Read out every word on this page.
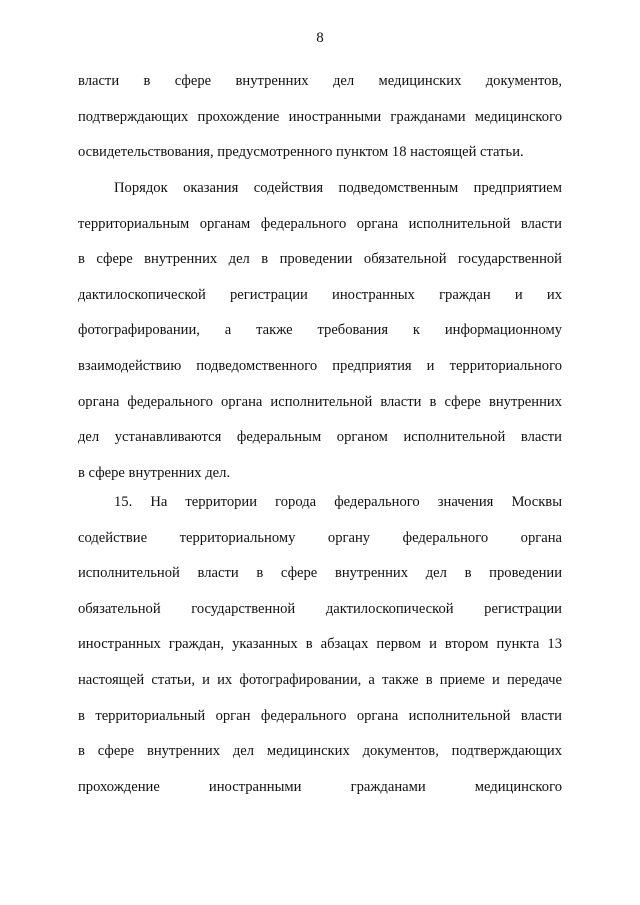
8
власти в сфере внутренних дел медицинских документов,
подтверждающих прохождение иностранными гражданами медицинского
освидетельствования, предусмотренного пунктом 18 настоящей статьи.
Порядок оказания содействия подведомственным предприятием
территориальным органам федерального органа исполнительной власти
в сфере внутренних дел в проведении обязательной государственной
дактилоскопической регистрации иностранных граждан и их
фотографировании, а также требования к информационному
взаимодействию подведомственного предприятия и территориального
органа федерального органа исполнительной власти в сфере внутренних
дел устанавливаются федеральным органом исполнительной власти
в сфере внутренних дел.
15. На территории города федерального значения Москвы
содействие территориальному органу федерального органа
исполнительной власти в сфере внутренних дел в проведении
обязательной государственной дактилоскопической регистрации
иностранных граждан, указанных в абзацах первом и втором пункта 13
настоящей статьи, и их фотографировании, а также в приеме и передаче
в территориальный орган федерального органа исполнительной власти
в сфере внутренних дел медицинских документов, подтверждающих
прохождение иностранными гражданами медицинского
